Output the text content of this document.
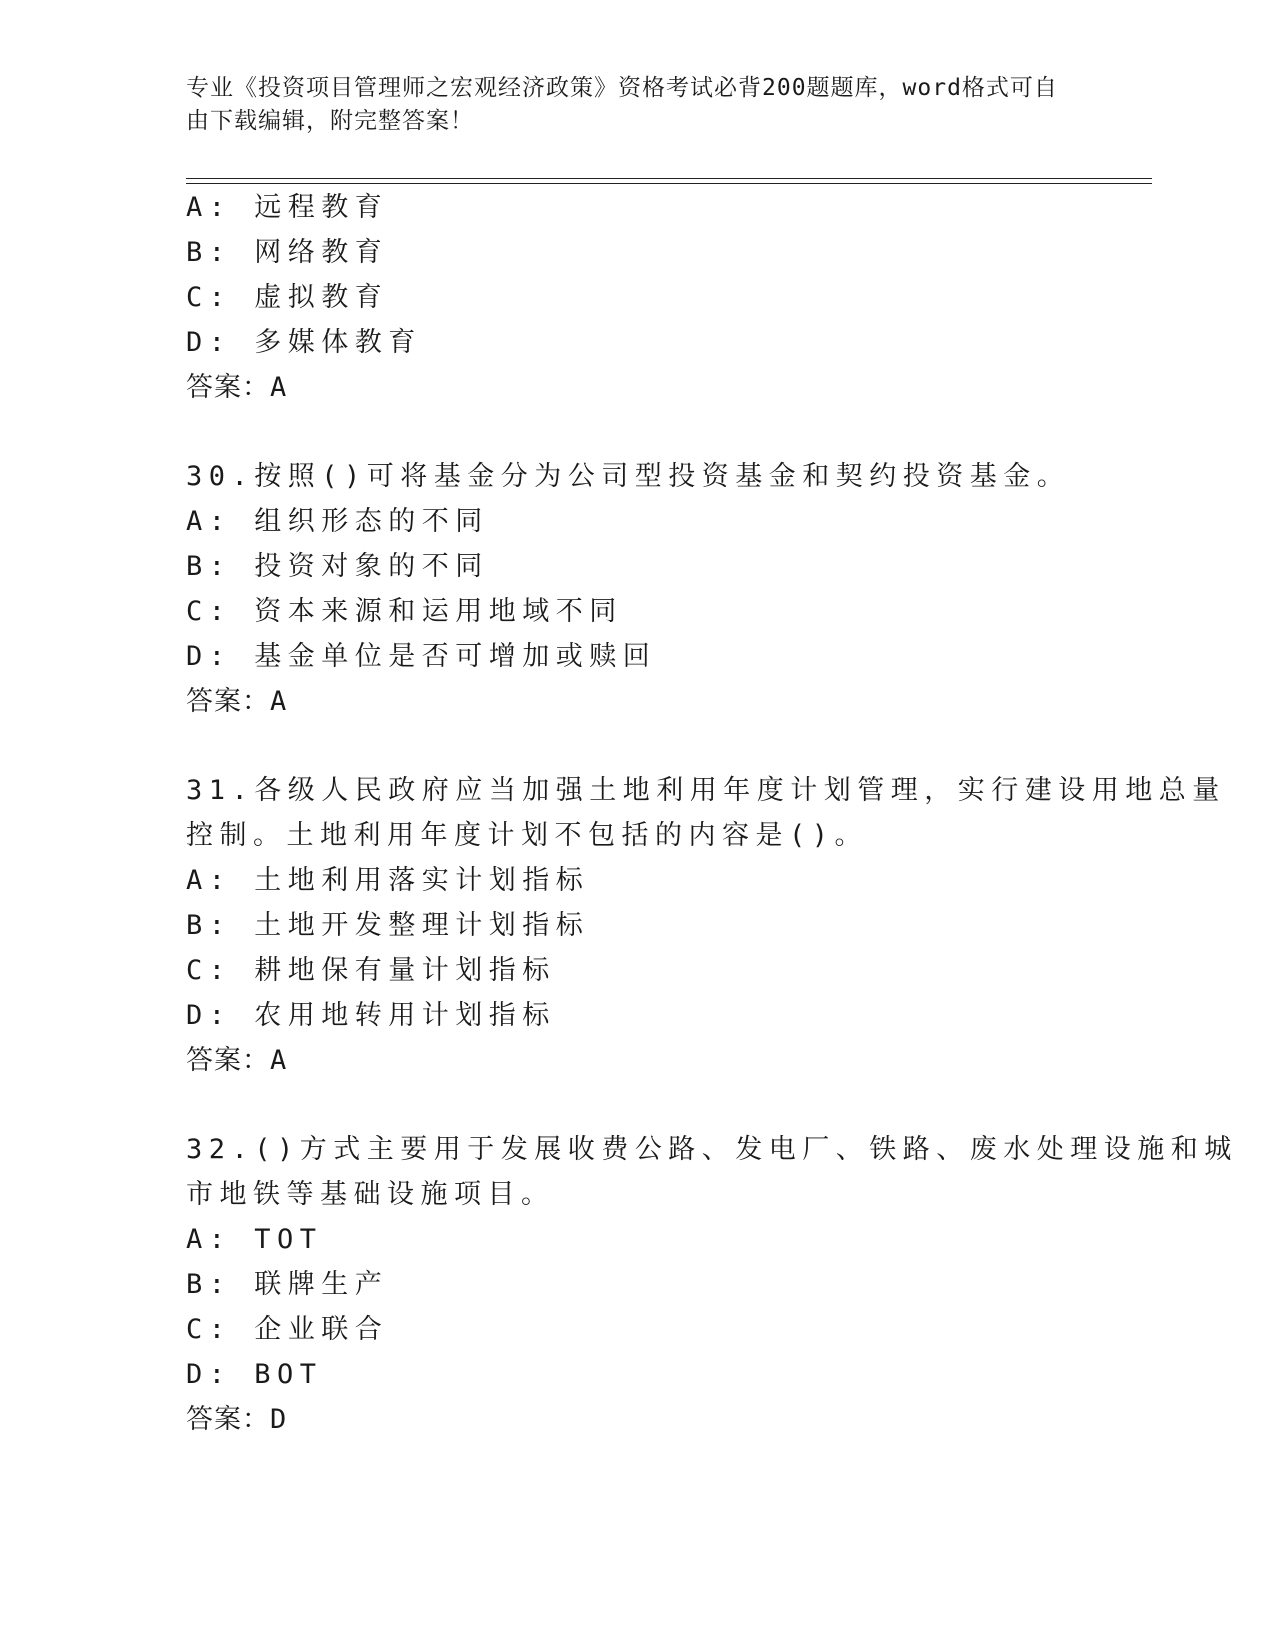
专业《投资项目管理师之宏观经济政策》资格考试必背200题题库，word格式可自由下载编辑，附完整答案！
A: 远程教育
B: 网络教育
C: 虚拟教育
D: 多媒体教育
答案：A
30.按照()可将基金分为公司型投资基金和契约投资基金。
A: 组织形态的不同
B: 投资对象的不同
C: 资本来源和运用地域不同
D: 基金单位是否可增加或赎回
答案：A
31.各级人民政府应当加强土地利用年度计划管理，实行建设用地总量
控制。土地利用年度计划不包括的内容是()。
A: 土地利用落实计划指标
B: 土地开发整理计划指标
C: 耕地保有量计划指标
D: 农用地转用计划指标
答案：A
32.()方式主要用于发展收费公路、发电厂、铁路、废水处理设施和城
市地铁等基础设施项目。
A: TOT
B: 联牌生产
C: 企业联合
D: BOT
答案：D
